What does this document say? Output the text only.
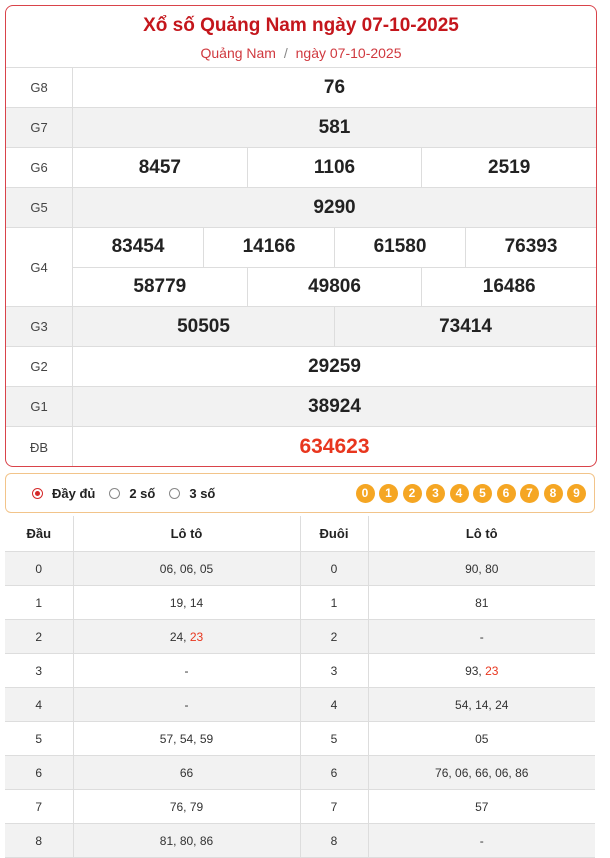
Xổ số Quảng Nam ngày 07-10-2025
Quảng Nam / ngày 07-10-2025
G8	76
G7	581
G6	8457	1106	2519
G5	9290
G4
83454	14166	61580	76393
58779	49806	16486
G3	50505	73414
G2	29259
G1	38924
ĐB	634623
Đầy đủ	2 số	3 số	0	1	2	3	4	5	6	7	8	9
Đầu	Lô tô	Đuôi	Lô tô
0	06, 06, 05	0	90, 80
1	19, 14	1	81
2	24, 23	2	-
3	-	3	93, 23
4	-	4	54, 14, 24
5	57, 54, 59	5	05
6	66	6	76, 06, 66, 06, 86
7	76, 79	7	57
8	81, 80, 86	8	-
